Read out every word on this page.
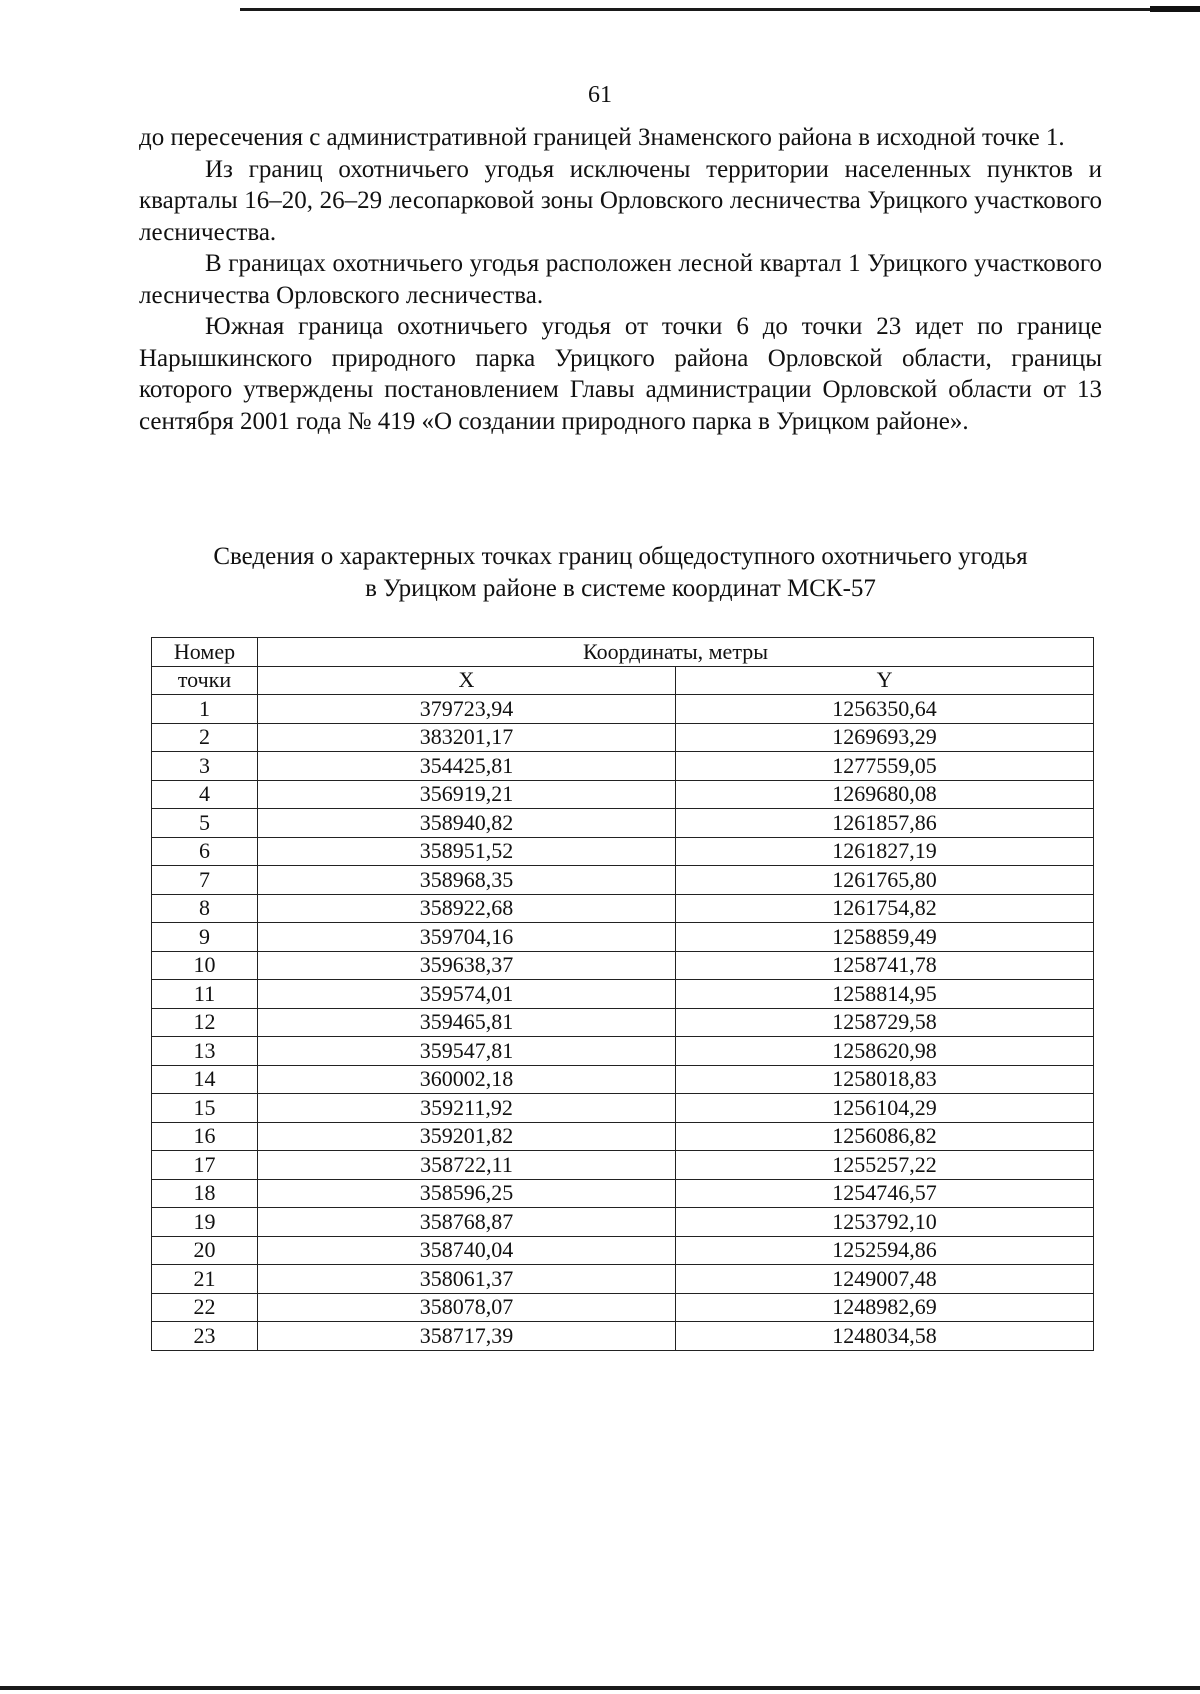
61

до пересечения с административной границей Знаменского района в исходной точке 1.

Из границ охотничьего угодья исключены территории населенных пунктов и кварталы 16–20, 26–29 лесопарковой зоны Орловского лесничества Урицкого участкового лесничества.

В границах охотничьего угодья расположен лесной квартал 1 Урицкого участкового лесничества Орловского лесничества.

Южная граница охотничьего угодья от точки 6 до точки 23 идет по границе Нарышкинского природного парка Урицкого района Орловской области, границы которого утверждены постановлением Главы администрации Орловской области от 13 сентября 2001 года № 419 «О создании природного парка в Урицком районе».

Сведения о характерных точках границ общедоступного охотничьего угодья
в Урицком районе в системе координат МСК-57
Номер	Координаты, метры	
точки	X	Y
1	379723,94	1256350,64
2	383201,17	1269693,29
3	354425,81	1277559,05
4	356919,21	1269680,08
5	358940,82	1261857,86
6	358951,52	1261827,19
7	358968,35	1261765,80
8	358922,68	1261754,82
9	359704,16	1258859,49
10	359638,37	1258741,78
11	359574,01	1258814,95
12	359465,81	1258729,58
13	359547,81	1258620,98
14	360002,18	1258018,83
15	359211,92	1256104,29
16	359201,82	1256086,82
17	358722,11	1255257,22
18	358596,25	1254746,57
19	358768,87	1253792,10
20	358740,04	1252594,86
21	358061,37	1249007,48
22	358078,07	1248982,69
23	358717,39	1248034,58
